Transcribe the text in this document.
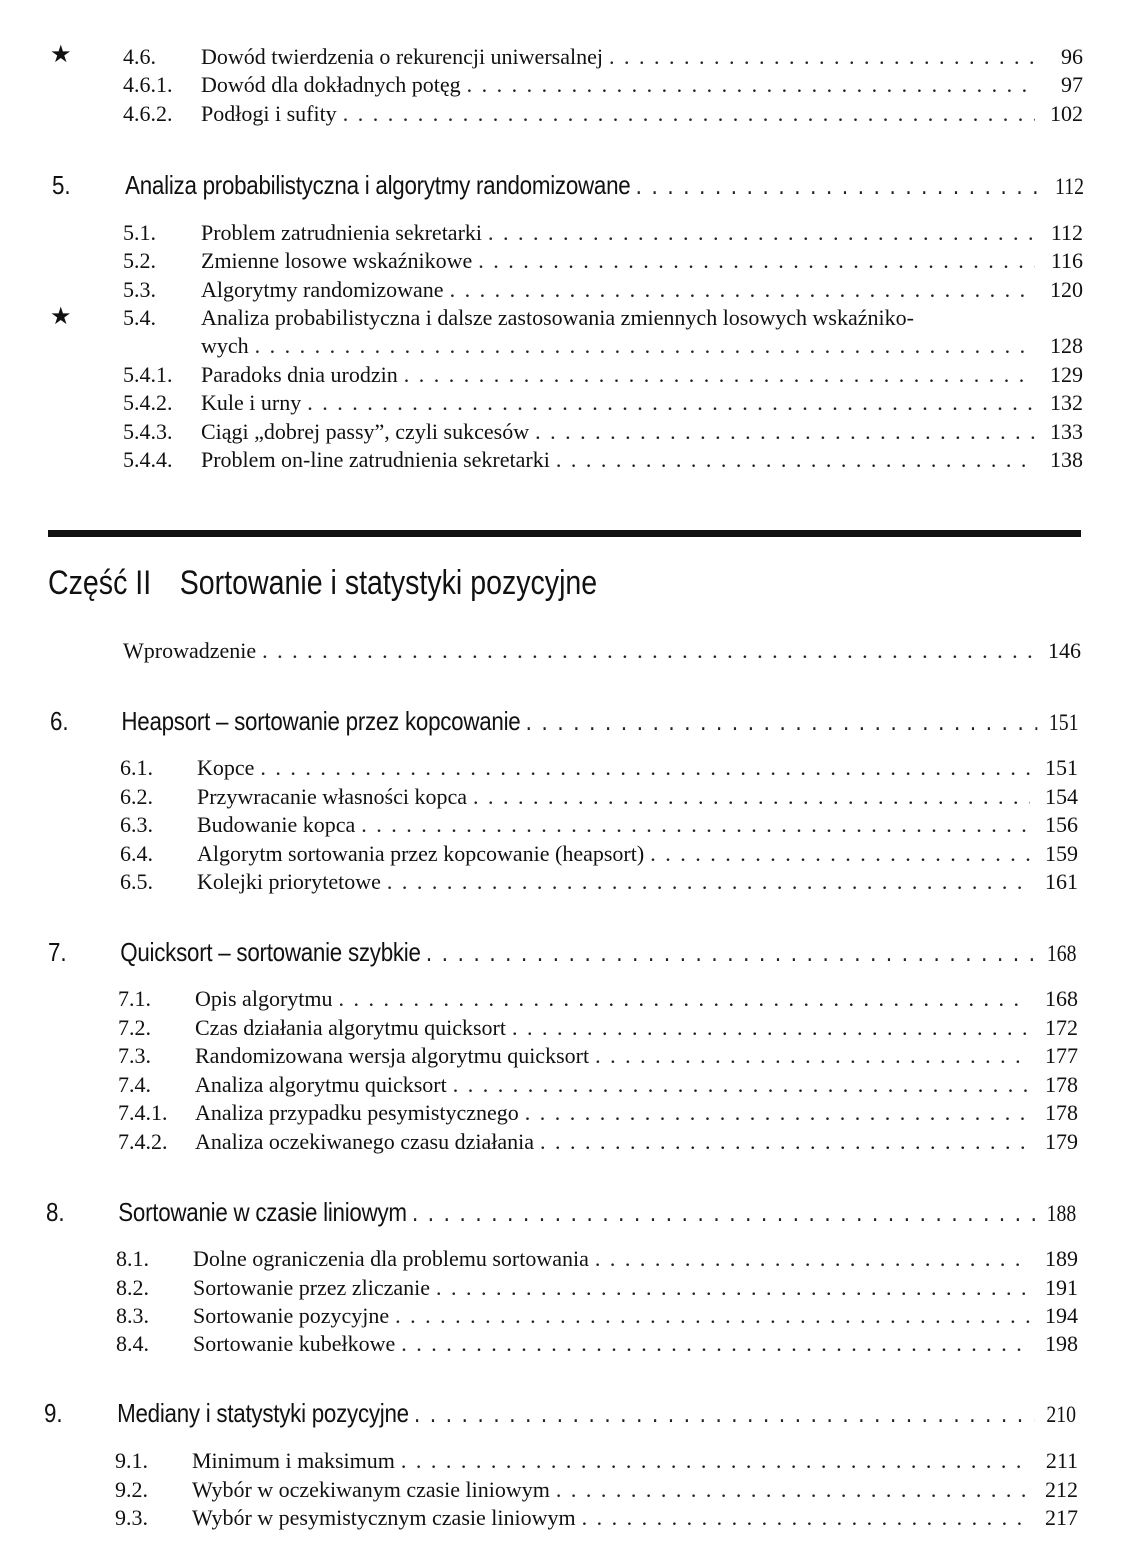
★
★
4.6.	Dowód twierdzenia o rekurencji uniwersalnej . . .	96
4.6.1.	Dowód dla dokładnych potęg . . .	97
4.6.2.	Podłogi i sufity . . .	102
5.	Analiza probabilistyczna i algorytmy randomizowane . . .	112
5.1.	Problem zatrudnienia sekretarki . . .	112
5.2.	Zmienne losowe wskaźnikowe . . .	116
5.3.	Algorytmy randomizowane . . .	120
5.4.	Analiza probabilistyczna i dalsze zastosowania zmiennych losowych wskaźniko-
wych . . .	128
5.4.1.	Paradoks dnia urodzin . . .	129
5.4.2.	Kule i urny . . .	132
5.4.3.	Ciągi „dobrej passy”, czyli sukcesów . . .	133
5.4.4.	Problem on-line zatrudnienia sekretarki . . .	138
Część II Sortowanie i statystyki pozycyjne
Wprowadzenie . . .	146
6.	Heapsort – sortowanie przez kopcowanie . . .	151
6.1.	Kopce . . .	151
6.2.	Przywracanie własności kopca . . .	154
6.3.	Budowanie kopca . . .	156
6.4.	Algorytm sortowania przez kopcowanie (heapsort) . . .	159
6.5.	Kolejki priorytetowe . . .	161
7.	Quicksort – sortowanie szybkie . . .	168
7.1.	Opis algorytmu . . .	168
7.2.	Czas działania algorytmu quicksort . . .	172
7.3.	Randomizowana wersja algorytmu quicksort . . .	177
7.4.	Analiza algorytmu quicksort . . .	178
7.4.1.	Analiza przypadku pesymistycznego . . .	178
7.4.2.	Analiza oczekiwanego czasu działania . . .	179
8.	Sortowanie w czasie liniowym . . .	188
8.1.	Dolne ograniczenia dla problemu sortowania . . .	189
8.2.	Sortowanie przez zliczanie . . .	191
8.3.	Sortowanie pozycyjne . . .	194
8.4.	Sortowanie kubełkowe . . .	198
9.	Mediany i statystyki pozycyjne . . .	210
9.1.	Minimum i maksimum . . .	211
9.2.	Wybór w oczekiwanym czasie liniowym . . .	212
9.3.	Wybór w pesymistycznym czasie liniowym . . .	217
